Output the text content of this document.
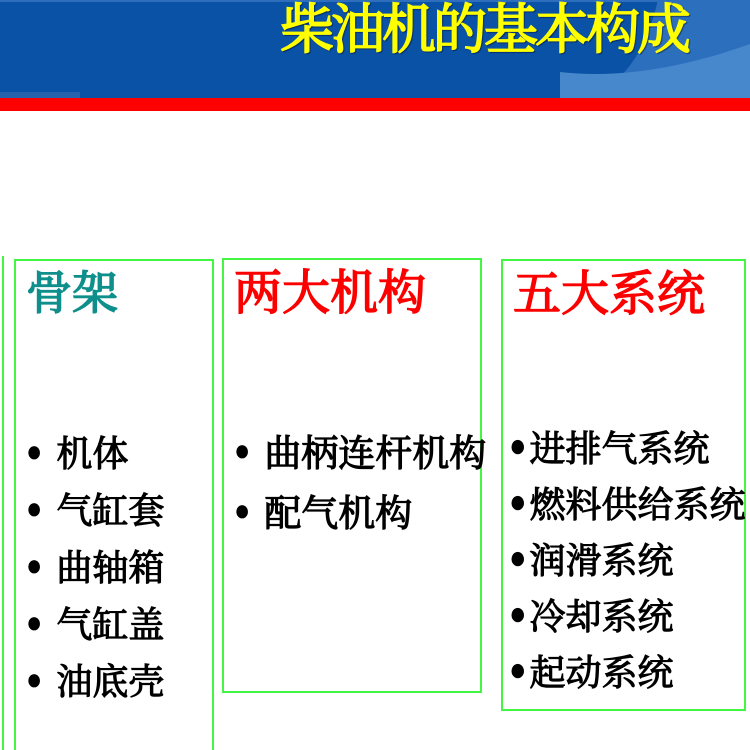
柴油机的基本构成
骨架
● 机体
● 气缸套
● 曲轴箱
● 气缸盖
● 油底壳
两大机构
● 曲柄连杆机构
● 配气机构
五大系统
● 进排气系统
● 燃料供给系统
● 润滑系统
● 冷却系统
● 起动系统
